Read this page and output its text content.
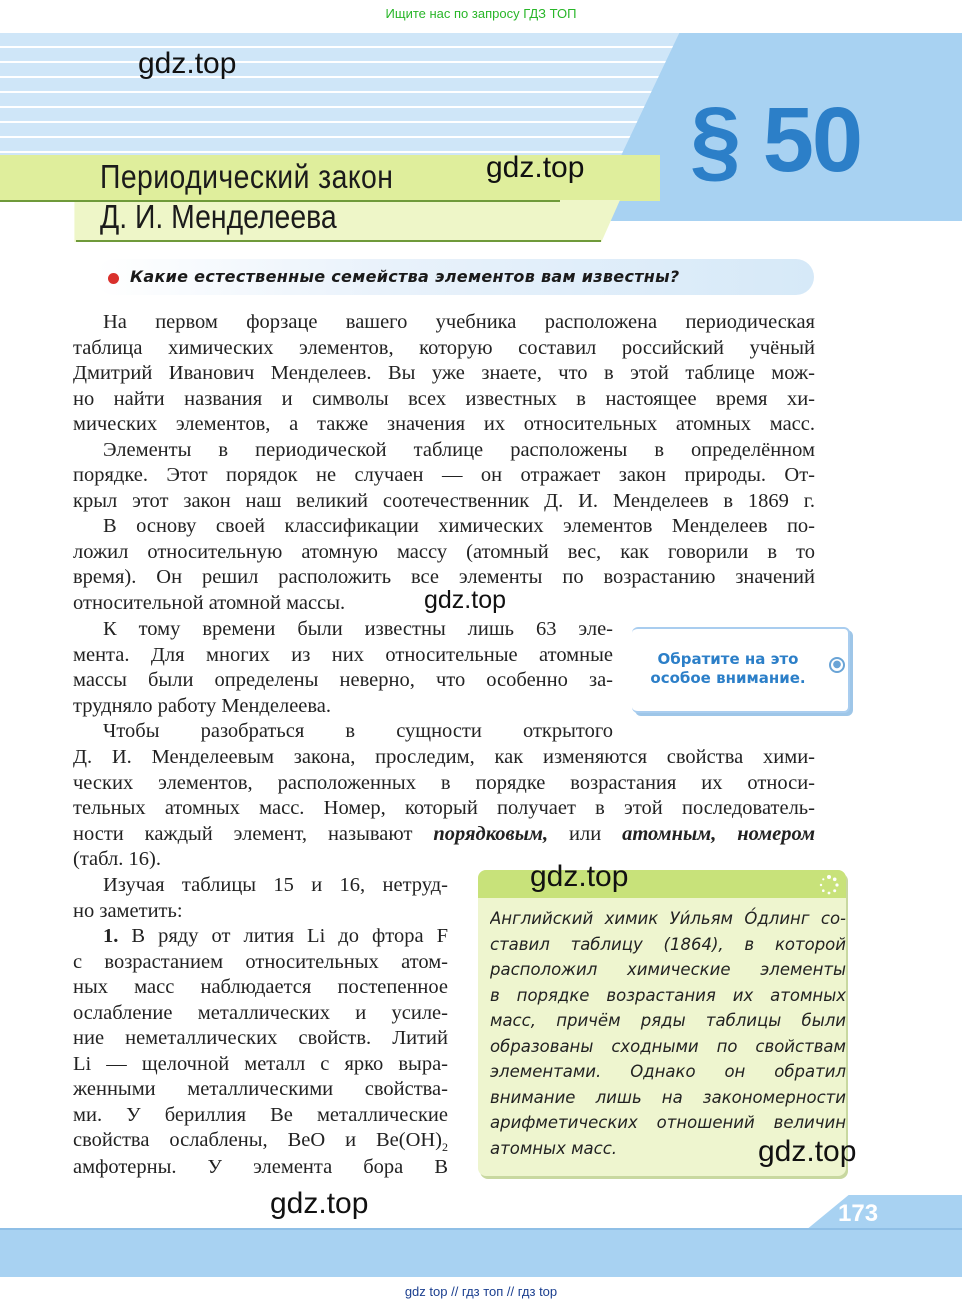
Ищите нас по запросу ГДЗ ТОП
Периодический закон
Д. И. Менделеева
§ 50
gdz.top
gdz.top
Какие естественные семейства элементов вам известны?
На первом форзаце вашего учебника расположена периодическая
таблица химических элементов, которую составил российский учёный
Дмитрий Иванович Менделеев. Вы уже знаете, что в этой таблице мож-
но найти названия и символы всех известных в настоящее время хи-
мических элементов, а также значения их относительных атомных масс.
Элементы в периодической таблице расположены в определённом
порядке. Этот порядок не случаен — он отражает закон природы. От-
крыл этот закон наш великий соотечественник Д. И. Менделеев в 1869 г.
В основу своей классификации химических элементов Менделеев по-
ложил относительную атомную массу (атомный вес, как говорили в то
время). Он решил расположить все элементы по возрастанию значений
относительной атомной массы.	gdz.top
К тому времени были известны лишь 63 эле-
мента. Для многих из них относительные атомные
массы были определены неверно, что особенно за-
трудняло работу Менделеева.
Чтобы разобраться в сущности открытого
Обратите на это
особое внимание.
●
Д. И. Менделеевым закона, проследим, как изменяются свойства хими-
ческих элементов, расположенных в порядке возрастания их относи-
тельных атомных масс. Номер, который получает в этой последователь-
ности каждый элемент, называют порядковым, или атомным, номером
(табл. 16).
Изучая таблицы 15 и 16, нетруд-
но заметить:
1. В ряду от лития Li до фтора F
с возрастанием относительных атом-
ных масс наблюдается постепенное
ослабление металлических и усиле-
ние неметаллических свойств. Литий
Li — щелочной металл с ярко выра-
женными металлическими свойства-
ми. У бериллия Be металлические
свойства ослаблены, BeO и $Be(OH)_2$
амфотерны. У элемента бора B
gdz.top
Английский химик Уи́льям О́длинг со-
ставил таблицу (1864), в которой
расположил химические элементы
в порядке возрастания их атомных
масс, причём ряды таблицы были
образованы сходными по свойствам
элементами. Однако он обратил
внимание лишь на закономерности
арифметических отношений величин
атомных масс.	gdz.top
gdz.top	173
gdz top // гдз топ // гдз top
